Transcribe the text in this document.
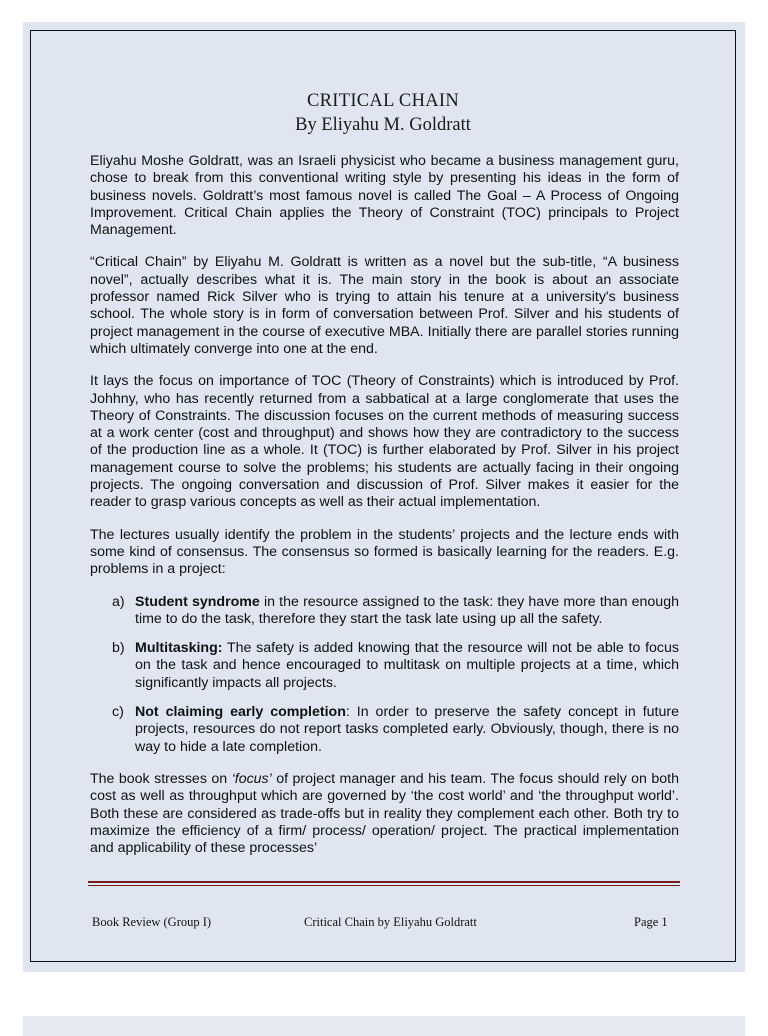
CRITICAL CHAIN
By Eliyahu M. Goldratt

Eliyahu Moshe Goldratt, was an Israeli physicist who became a business management guru, chose to break from this conventional writing style by presenting his ideas in the form of business novels. Goldratt’s most famous novel is called The Goal – A Process of Ongoing Improvement. Critical Chain applies the Theory of Constraint (TOC) principals to Project Management.

“Critical Chain” by Eliyahu M. Goldratt is written as a novel but the sub-title, “A business novel”, actually describes what it is. The main story in the book is about an associate professor named Rick Silver who is trying to attain his tenure at a university's business school. The whole story is in form of conversation between Prof. Silver and his students of project management in the course of executive MBA. Initially there are parallel stories running which ultimately converge into one at the end.

It lays the focus on importance of TOC (Theory of Constraints) which is introduced by Prof. Johhny, who has recently returned from a sabbatical at a large conglomerate that uses the Theory of Constraints. The discussion focuses on the current methods of measuring success at a work center (cost and throughput) and shows how they are contradictory to the success of the production line as a whole. It (TOC) is further elaborated by Prof. Silver in his project management course to solve the problems; his students are actually facing in their ongoing projects. The ongoing conversation and discussion of Prof. Silver makes it easier for the reader to grasp various concepts as well as their actual implementation.

The lectures usually identify the problem in the students’ projects and the lecture ends with some kind of consensus. The consensus so formed is basically learning for the readers. E.g. problems in a project:

a) Student syndrome in the resource assigned to the task: they have more than enough time to do the task, therefore they start the task late using up all the safety.
b) Multitasking: The safety is added knowing that the resource will not be able to focus on the task and hence encouraged to multitask on multiple projects at a time, which significantly impacts all projects.
c) Not claiming early completion: In order to preserve the safety concept in future projects, resources do not report tasks completed early. Obviously, though, there is no way to hide a late completion.

The book stresses on ‘focus’ of project manager and his team. The focus should rely on both cost as well as throughput which are governed by ‘the cost world’ and ‘the throughput world’. Both these are considered as trade-offs but in reality they complement each other. Both try to maximize the efficiency of a firm/ process/ operation/ project. The practical implementation and applicability of these processes’

Book Review (Group I)	Critical Chain by Eliyahu Goldratt	Page 1
